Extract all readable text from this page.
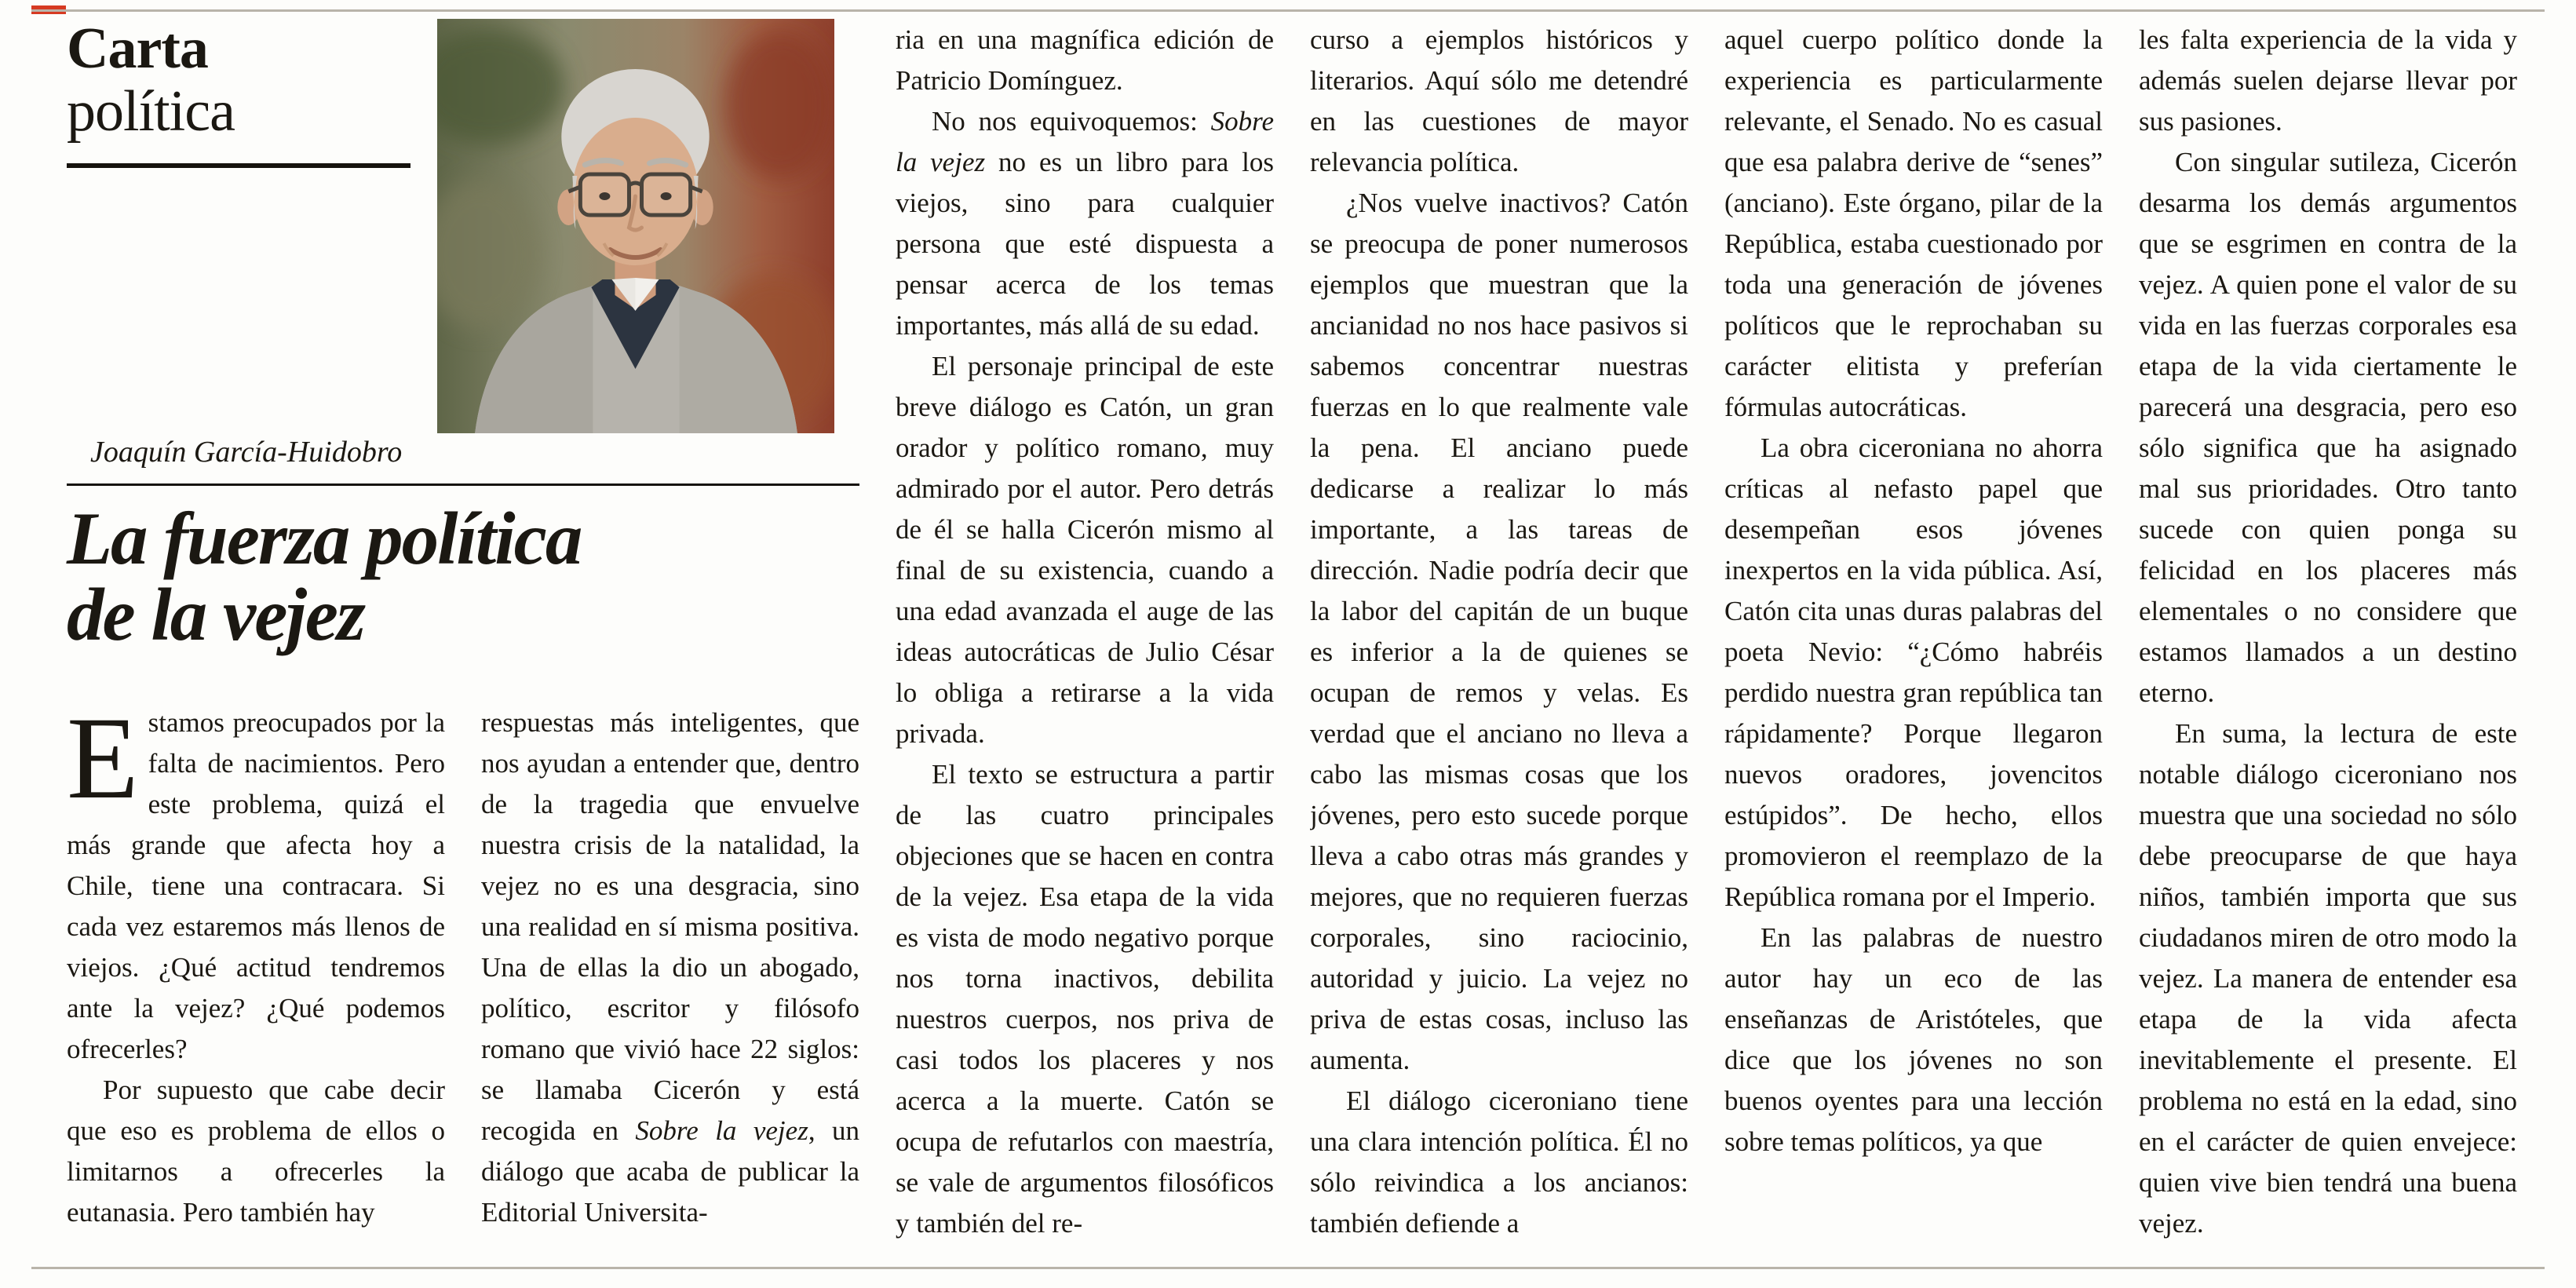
Carta
política
Joaquín García-Huidobro
La fuerza política
de la vejez

Estamos preocupados por la falta de nacimientos. Pero este problema, quizá el más grande que afecta hoy a Chile, tiene una contracara. Si cada vez estaremos más llenos de viejos. ¿Qué actitud tendremos ante la vejez? ¿Qué podemos ofrecerles?

Por supuesto que cabe decir que eso es problema de ellos o limitarnos a ofrecerles la eutanasia. Pero también hay

respuestas más inteligentes, que nos ayudan a entender que, dentro de la tragedia que envuelve nuestra crisis de la natalidad, la vejez no es una desgracia, sino una realidad en sí misma positiva. Una de ellas la dio un abogado, político, escritor y filósofo romano que vivió hace 22 siglos: se llamaba Cicerón y está recogida en Sobre la vejez, un diálogo que acaba de publicar la Editorial Universita-

ria en una magnífica edición de Patricio Domínguez.

No nos equivoquemos: Sobre la vejez no es un libro para los viejos, sino para cualquier persona que esté dispuesta a pensar acerca de los temas importantes, más allá de su edad.

El personaje principal de este breve diálogo es Catón, un gran orador y político romano, muy admirado por el autor. Pero detrás de él se halla Cicerón mismo al final de su existencia, cuando a una edad avanzada el auge de las ideas autocráticas de Julio César lo obliga a retirarse a la vida privada.

El texto se estructura a partir de las cuatro principales objeciones que se hacen en contra de la vejez. Esa etapa de la vida es vista de modo negativo porque nos torna inactivos, debilita nuestros cuerpos, nos priva de casi todos los placeres y nos acerca a la muerte. Catón se ocupa de refutarlos con maestría, se vale de argumentos filosóficos y también del re-

curso a ejemplos históricos y literarios. Aquí sólo me detendré en las cuestiones de mayor relevancia política.

¿Nos vuelve inactivos? Catón se preocupa de poner numerosos ejemplos que muestran que la ancianidad no nos hace pasivos si sabemos concentrar nuestras fuerzas en lo que realmente vale la pena. El anciano puede dedicarse a realizar lo más importante, a las tareas de dirección. Nadie podría decir que la labor del capitán de un buque es inferior a la de quienes se ocupan de remos y velas. Es verdad que el anciano no lleva a cabo las mismas cosas que los jóvenes, pero esto sucede porque lleva a cabo otras más grandes y mejores, que no requieren fuerzas corporales, sino raciocinio, autoridad y juicio. La vejez no priva de estas cosas, incluso las aumenta.

El diálogo ciceroniano tiene una clara intención política. Él no sólo reivindica a los ancianos: también defiende a

aquel cuerpo político donde la experiencia es particularmente relevante, el Senado. No es casual que esa palabra derive de “senes” (anciano). Este órgano, pilar de la República, estaba cuestionado por toda una generación de jóvenes políticos que le reprochaban su carácter elitista y preferían fórmulas autocráticas.

La obra ciceroniana no ahorra críticas al nefasto papel que desempeñan esos jóvenes inexpertos en la vida pública. Así, Catón cita unas duras palabras del poeta Nevio: “¿Cómo habréis perdido nuestra gran república tan rápidamente? Porque llegaron nuevos oradores, jovencitos estúpidos”. De hecho, ellos promovieron el reemplazo de la República romana por el Imperio.

En las palabras de nuestro autor hay un eco de las enseñanzas de Aristóteles, que dice que los jóvenes no son buenos oyentes para una lección sobre temas políticos, ya que

les falta experiencia de la vida y además suelen dejarse llevar por sus pasiones.

Con singular sutileza, Cicerón desarma los demás argumentos que se esgrimen en contra de la vejez. A quien pone el valor de su vida en las fuerzas corporales esa etapa de la vida ciertamente le parecerá una desgracia, pero eso sólo significa que ha asignado mal sus prioridades. Otro tanto sucede con quien ponga su felicidad en los placeres más elementales o no considere que estamos llamados a un destino eterno.

En suma, la lectura de este notable diálogo ciceroniano nos muestra que una sociedad no sólo debe preocuparse de que haya niños, también importa que sus ciudadanos miren de otro modo la vejez. La manera de entender esa etapa de la vida afecta inevitablemente el presente. El problema no está en la edad, sino en el carácter de quien envejece: quien vive bien tendrá una buena vejez.
